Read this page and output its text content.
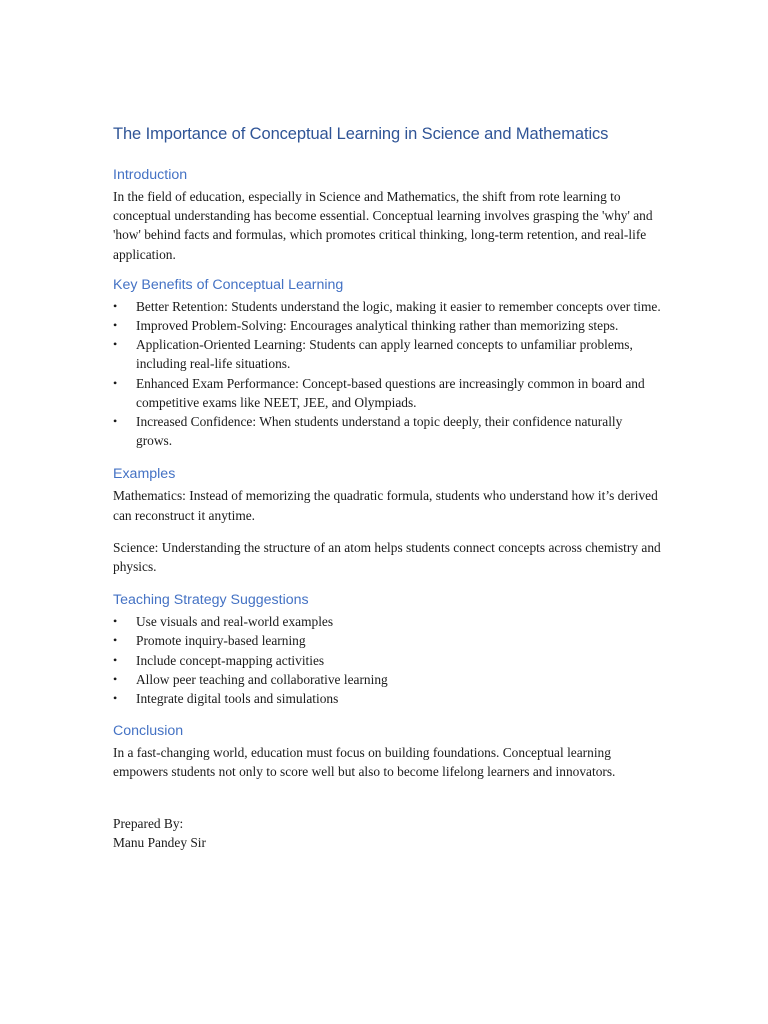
The Importance of Conceptual Learning in Science and Mathematics
Introduction

In the field of education, especially in Science and Mathematics, the shift from rote learning to conceptual understanding has become essential. Conceptual learning involves grasping the 'why' and 'how' behind facts and formulas, which promotes critical thinking, long-term retention, and real-life application.

Key Benefits of Conceptual Learning
• Better Retention: Students understand the logic, making it easier to remember concepts over time.
• Improved Problem-Solving: Encourages analytical thinking rather than memorizing steps.
• Application-Oriented Learning: Students can apply learned concepts to unfamiliar problems, including real-life situations.
• Enhanced Exam Performance: Concept-based questions are increasingly common in board and competitive exams like NEET, JEE, and Olympiads.
• Increased Confidence: When students understand a topic deeply, their confidence naturally grows.
Examples

Mathematics: Instead of memorizing the quadratic formula, students who understand how it’s derived can reconstruct it anytime.

Science: Understanding the structure of an atom helps students connect concepts across chemistry and physics.

Teaching Strategy Suggestions
• Use visuals and real-world examples
• Promote inquiry-based learning
• Include concept-mapping activities
• Allow peer teaching and collaborative learning
• Integrate digital tools and simulations
Conclusion

In a fast-changing world, education must focus on building foundations. Conceptual learning empowers students not only to score well but also to become lifelong learners and innovators.

Prepared By:

Manu Pandey Sir
